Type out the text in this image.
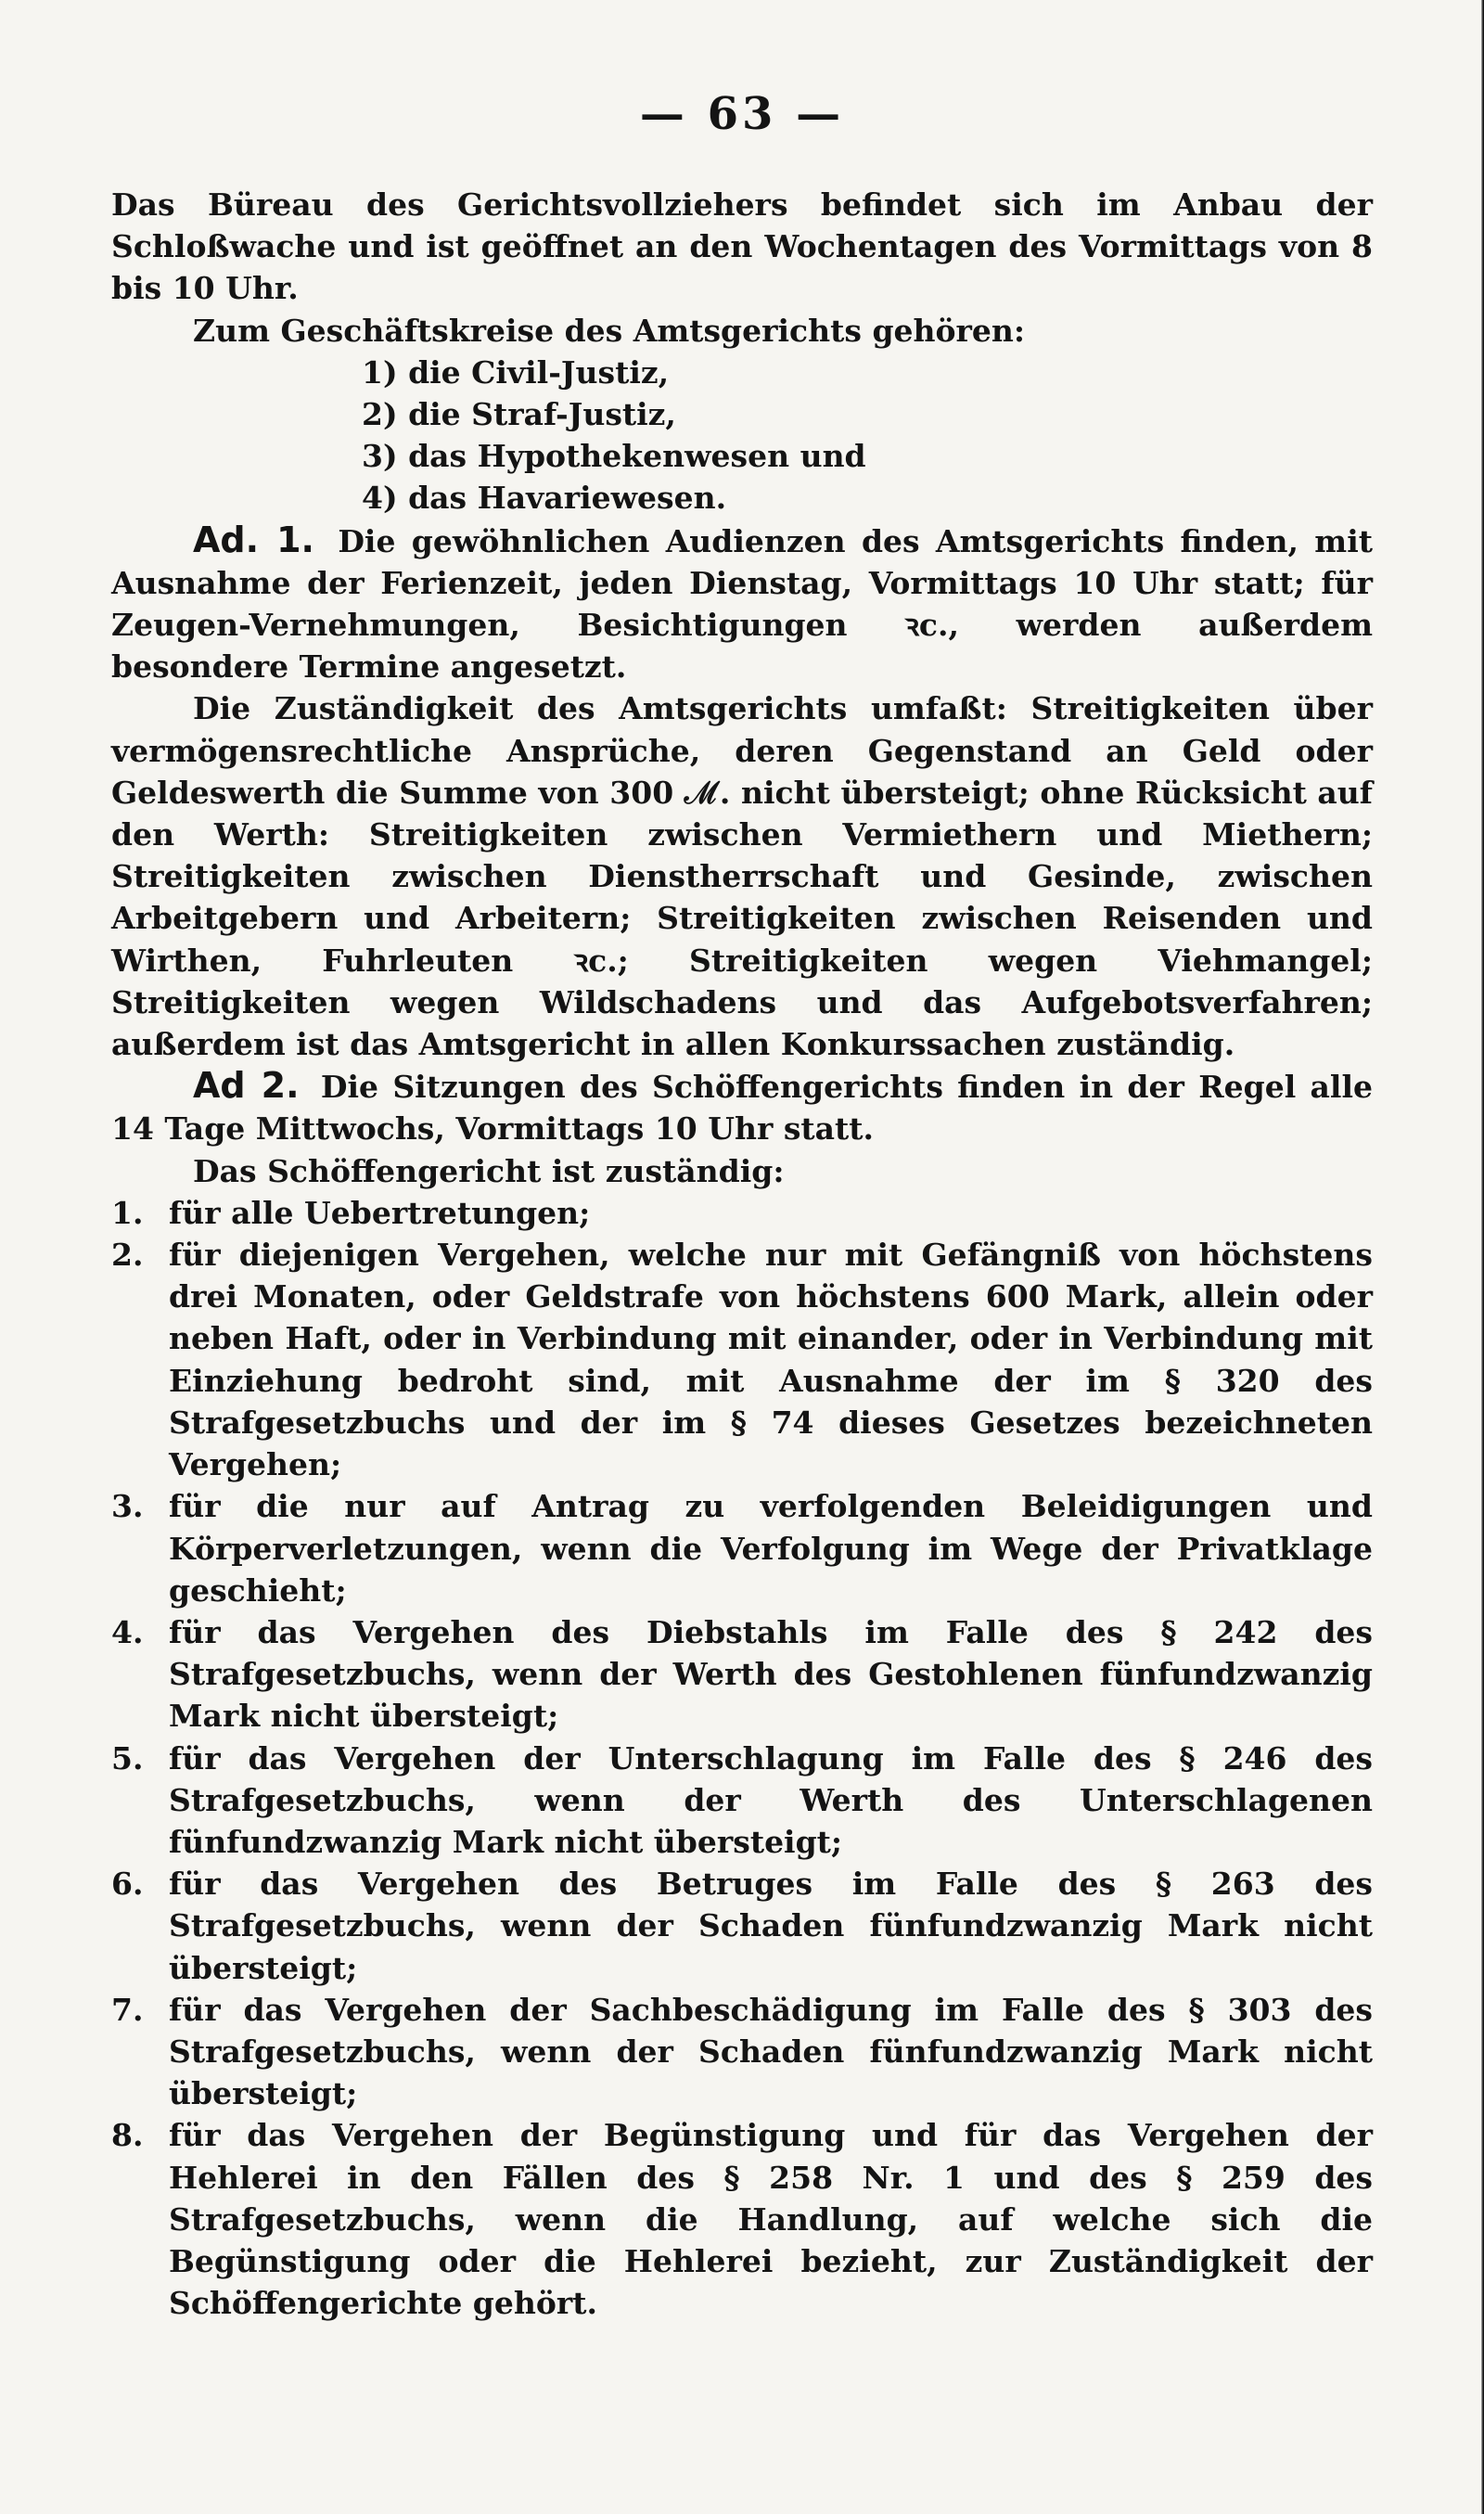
— 63 —

Das Büreau des Gerichtsvollziehers befindet sich im Anbau der Schloßwache und ist geöffnet an den Wochentagen des Vormittags von 8 bis 10 Uhr.

Zum Geschäftskreise des Amtsgerichts gehören:

1) die Civil-Justiz,

2) die Straf-Justiz,

3) das Hypothekenwesen und

4) das Havariewesen.

Ad. 1. Die gewöhnlichen Audienzen des Amtsgerichts finden, mit Ausnahme der Ferienzeit, jeden Dienstag, Vormittags 10 Uhr statt; für Zeugen-Vernehmungen, Besichtigungen ꝛc., werden außerdem besondere Termine angesetzt.

Die Zuständigkeit des Amtsgerichts umfaßt: Streitigkeiten über vermögensrechtliche Ansprüche, deren Gegenstand an Geld oder Geldeswerth die Summe von 300 ℳ. nicht übersteigt; ohne Rücksicht auf den Werth: Streitigkeiten zwischen Vermiethern und Miethern; Streitigkeiten zwischen Dienstherrschaft und Gesinde, zwischen Arbeitgebern und Arbeitern; Streitigkeiten zwischen Reisenden und Wirthen, Fuhrleuten ꝛc.; Streitigkeiten wegen Viehmangel; Streitigkeiten wegen Wildschadens und das Aufgebotsverfahren; außerdem ist das Amtsgericht in allen Konkurssachen zuständig.

Ad 2. Die Sitzungen des Schöffengerichts finden in der Regel alle 14 Tage Mittwochs, Vormittags 10 Uhr statt.

Das Schöffengericht ist zuständig:

1. für alle Uebertretungen;
2. für diejenigen Vergehen, welche nur mit Gefängniß von höchstens drei Monaten, oder Geldstrafe von höchstens 600 Mark, allein oder neben Haft, oder in Verbindung mit einander, oder in Verbindung mit Einziehung bedroht sind, mit Ausnahme der im § 320 des Strafgesetzbuchs und der im § 74 dieses Gesetzes bezeichneten Vergehen;
3. für die nur auf Antrag zu verfolgenden Beleidigungen und Körperverletzungen, wenn die Verfolgung im Wege der Privatklage geschieht;
4. für das Vergehen des Diebstahls im Falle des § 242 des Strafgesetzbuchs, wenn der Werth des Gestohlenen fünfundzwanzig Mark nicht übersteigt;
5. für das Vergehen der Unterschlagung im Falle des § 246 des Strafgesetzbuchs, wenn der Werth des Unterschlagenen fünfundzwanzig Mark nicht übersteigt;
6. für das Vergehen des Betruges im Falle des § 263 des Strafgesetzbuchs, wenn der Schaden fünfundzwanzig Mark nicht übersteigt;
7. für das Vergehen der Sachbeschädigung im Falle des § 303 des Strafgesetzbuchs, wenn der Schaden fünfundzwanzig Mark nicht übersteigt;
8. für das Vergehen der Begünstigung und für das Vergehen der Hehlerei in den Fällen des § 258 Nr. 1 und des § 259 des Strafgesetzbuchs, wenn die Handlung, auf welche sich die Begünstigung oder die Hehlerei bezieht, zur Zuständigkeit der Schöffengerichte gehört.
